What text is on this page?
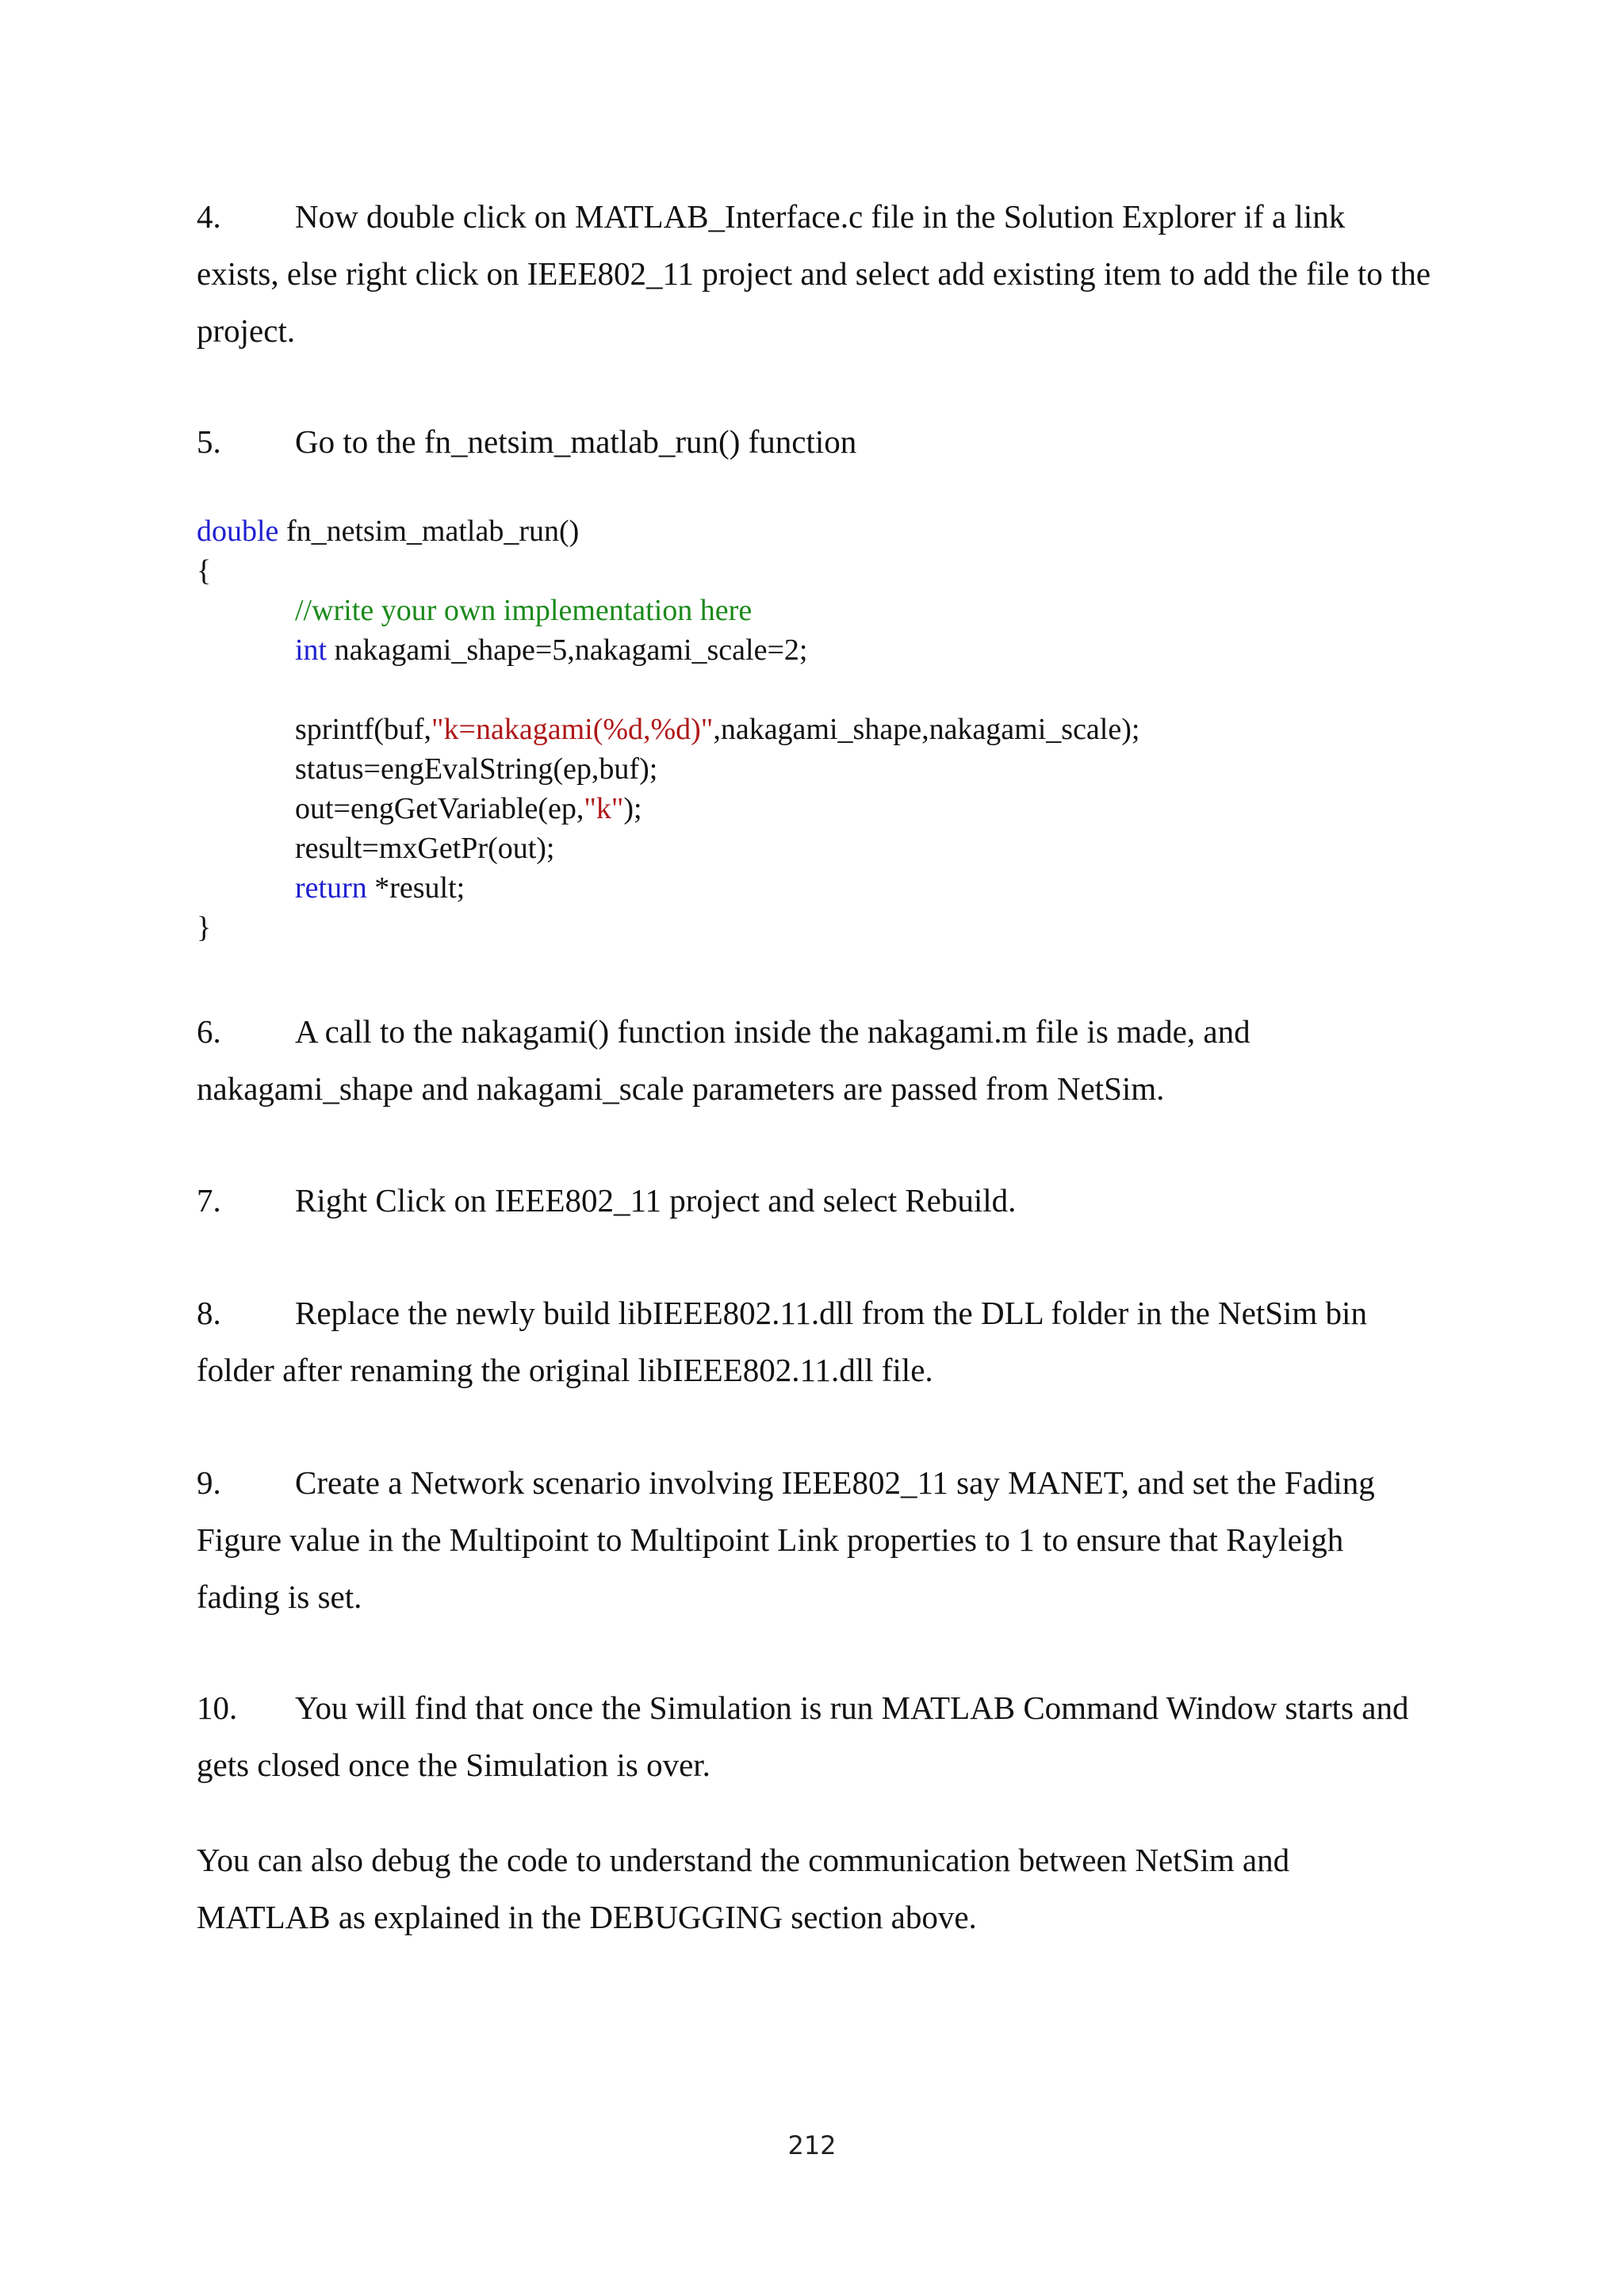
4. Now double click on MATLAB_Interface.c file in the Solution Explorer if a link
exists, else right click on IEEE802_11 project and select add existing item to add the file to the project.

5. Go to the fn_netsim_matlab_run() function

double fn_netsim_matlab_run()
{
//write your own implementation here
int nakagami_shape=5,nakagami_scale=2;
sprintf(buf,"k=nakagami(%d,%d)",nakagami_shape,nakagami_scale);
status=engEvalString(ep,buf);
out=engGetVariable(ep,"k");
result=mxGetPr(out);
return *result;
}

6. A call to the nakagami() function inside the nakagami.m file is made, and
nakagami_shape and nakagami_scale parameters are passed from NetSim.

7. Right Click on IEEE802_11 project and select Rebuild.

8. Replace the newly build libIEEE802.11.dll from the DLL folder in the NetSim bin
folder after renaming the original libIEEE802.11.dll file.

9. Create a Network scenario involving IEEE802_11 say MANET, and set the Fading
Figure value in the Multipoint to Multipoint Link properties to 1 to ensure that Rayleigh fading is set.

10. You will find that once the Simulation is run MATLAB Command Window starts and
gets closed once the Simulation is over.

You can also debug the code to understand the communication between NetSim and
MATLAB as explained in the DEBUGGING section above.

212
